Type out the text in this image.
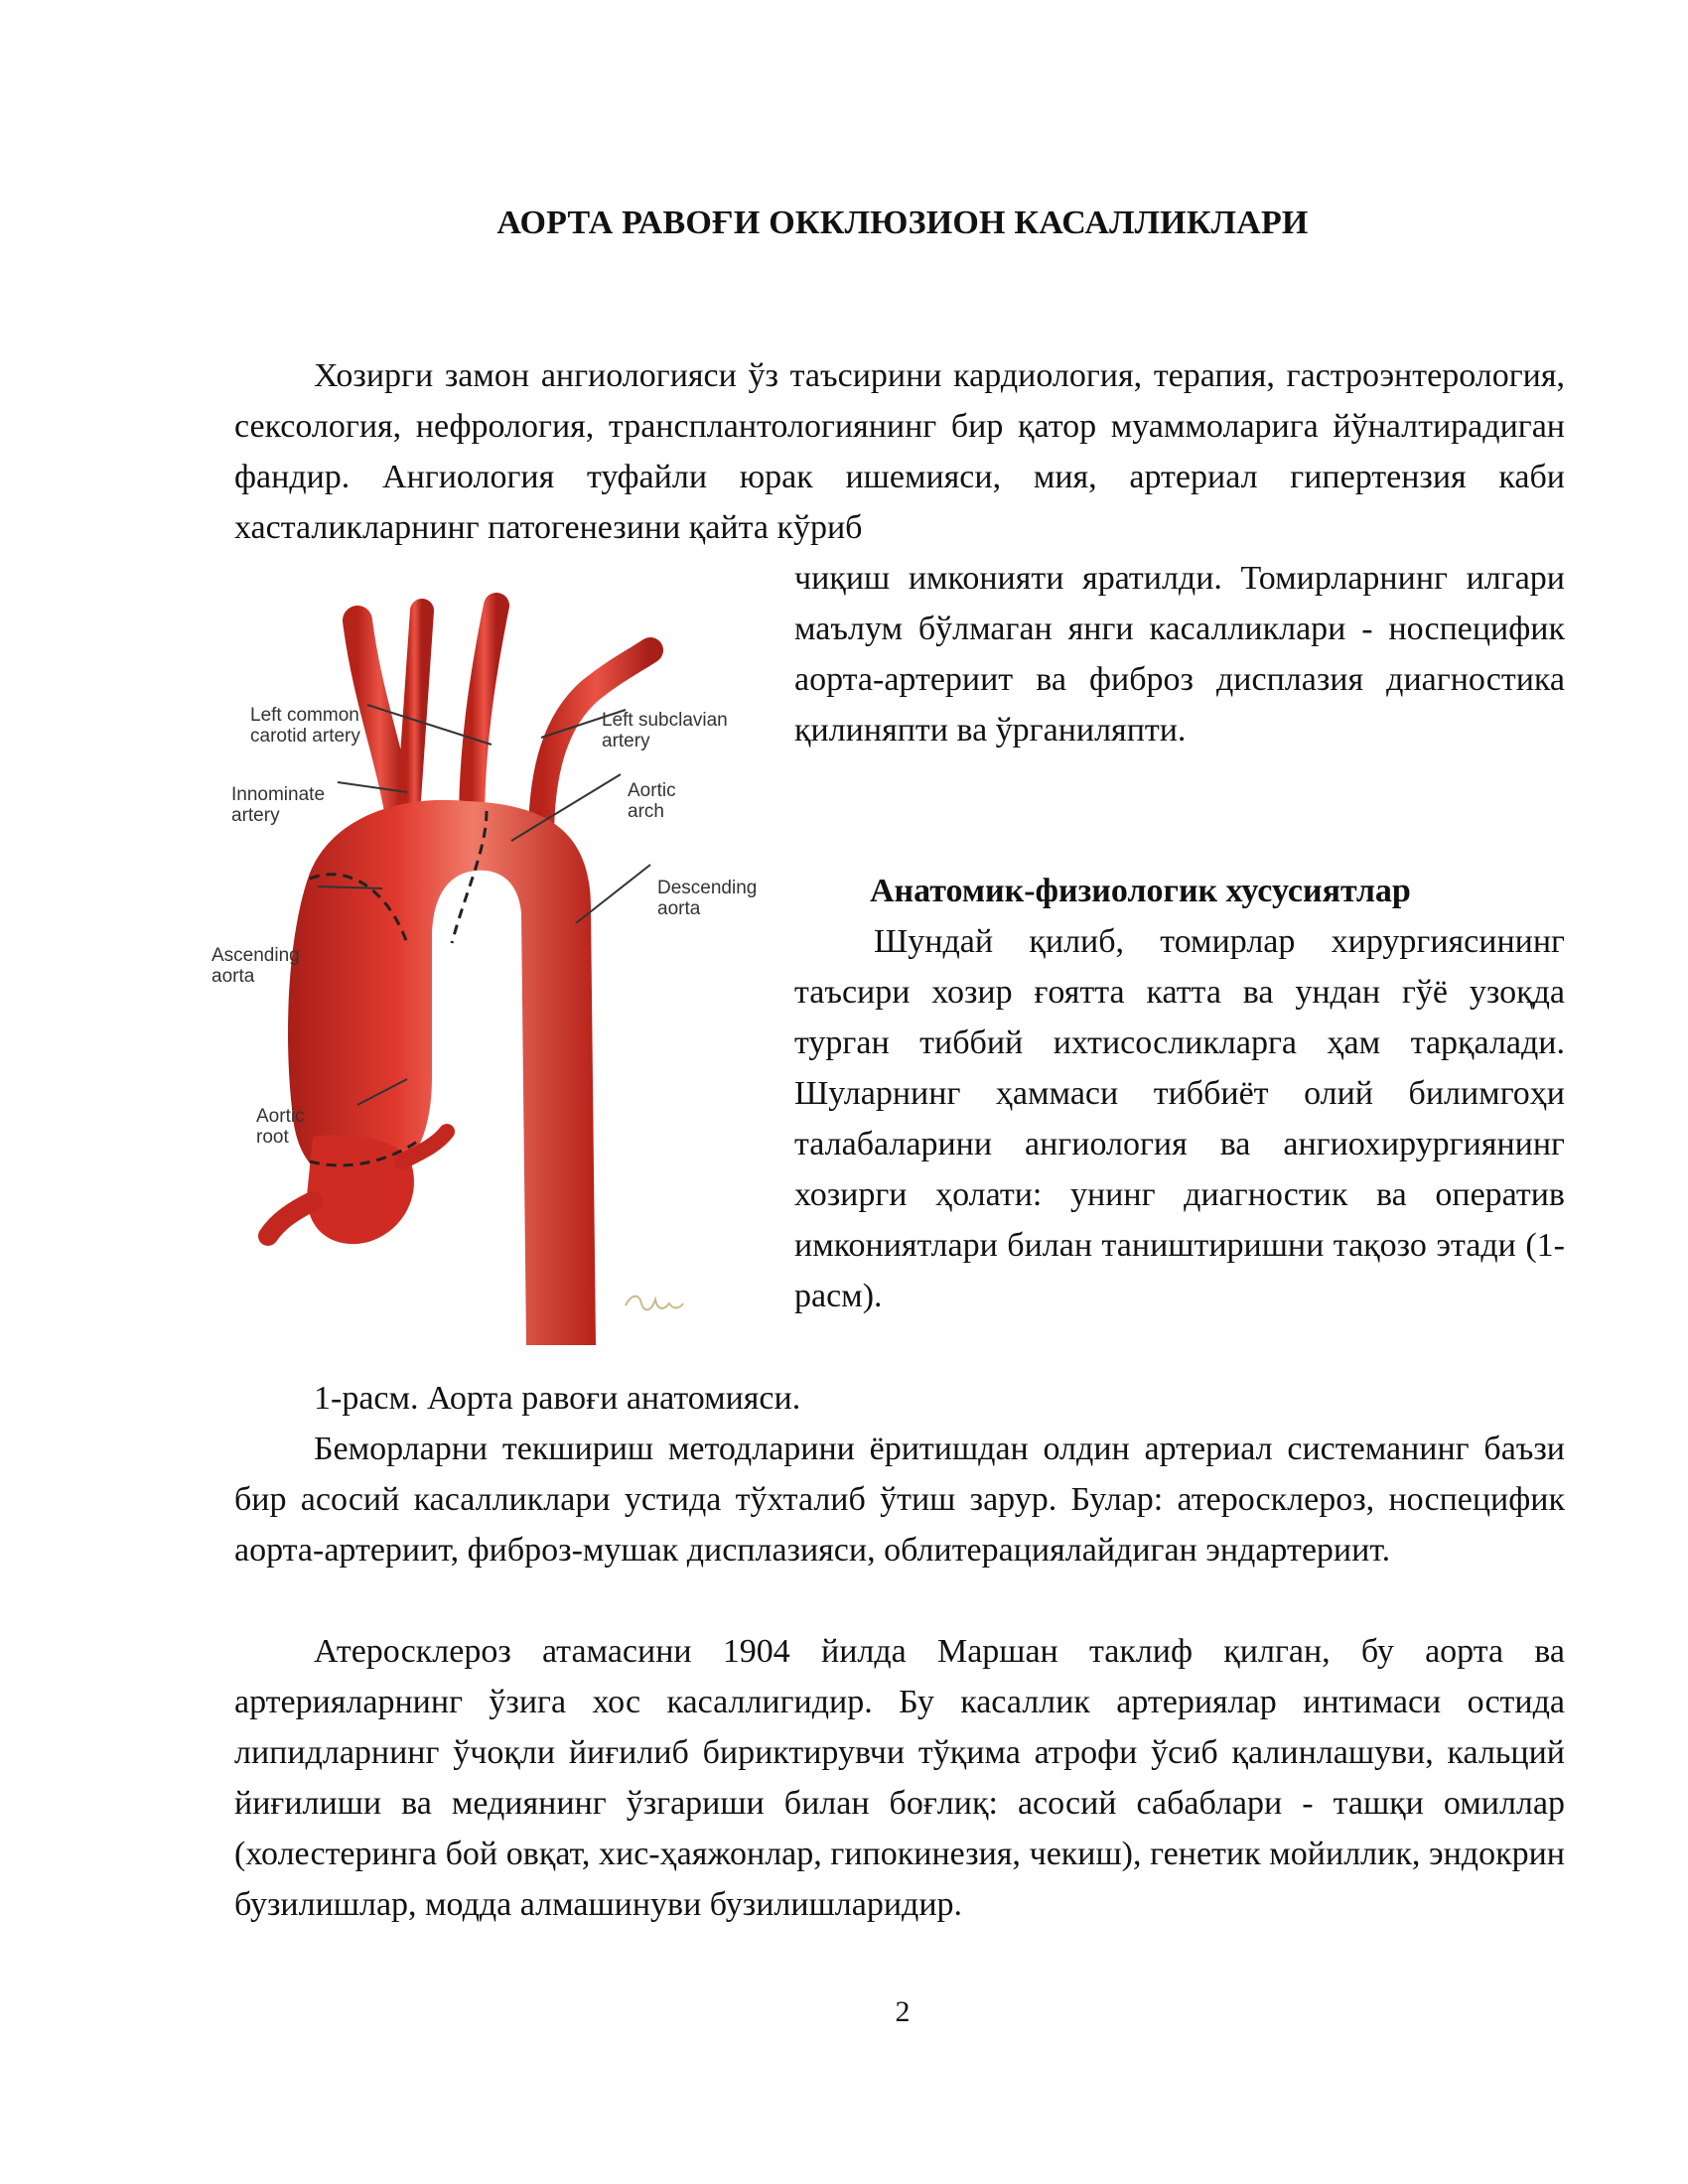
АОРТА РАВОҒИ ОККЛЮЗИОН КАСАЛЛИКЛАРИ

Хозирги замон ангиологияси ўз таъсирини кардиология, терапия, гастроэнтерология, сексология, нефрология, трансплантологиянинг бир қатор муаммоларига йўналтирадиган фандир. Ангиология туфайли юрак ишемияси, мия, артериал гипертензия каби хасталикларнинг патогенезини қайта кўриб

чиқиш имконияти яратилди. Томирларнинг илгари маълум бўлмаган янги касалликлари - носпецифик аорта-артериит ва фиброз дисплазия диагностика қилиняпти ва ўрганиляпти.

Left common carotid artery
Left subclavian artery
Innominate artery
Aortic arch
Descending aorta
Ascending aorta
Aortic root
Анатомик-физиологик хусусиятлар

Шундай қилиб, томирлар хирургиясининг таъсири хозир ғоятта катта ва ундан гўё узоқда турган тиббий ихтисосликларга ҳам тарқалади. Шуларнинг ҳаммаси тиббиёт олий билимгоҳи талабаларини ангиология ва ангиохирургиянинг хозирги ҳолати: унинг диагностик ва оператив имкониятлари билан таништиришни тақозо этади (1-расм).

1-расм. Аорта равоғи анатомияси.

Беморларни текшириш методларини ёритишдан олдин артериал системанинг баъзи бир асосий касалликлари устида тўхталиб ўтиш зарур. Булар: атеросклероз, носпецифик аорта-артериит, фиброз-мушак дисплазияси, облитерациялайдиган эндартериит.

Атеросклероз атамасини 1904 йилда Маршан таклиф қилган, бу аорта ва артерияларнинг ўзига хос касаллигидир. Бу касаллик артериялар интимаси остида липидларнинг ўчоқли йиғилиб бириктирувчи тўқима атрофи ўсиб қалинлашуви, кальций йиғилиши ва медиянинг ўзгариши билан боғлиқ: асосий сабаблари - ташқи омиллар (холестеринга бой овқат, хис-ҳаяжонлар, гипокинезия, чекиш), генетик мойиллик, эндокрин бузилишлар, модда алмашинуви бузилишларидир.

2
